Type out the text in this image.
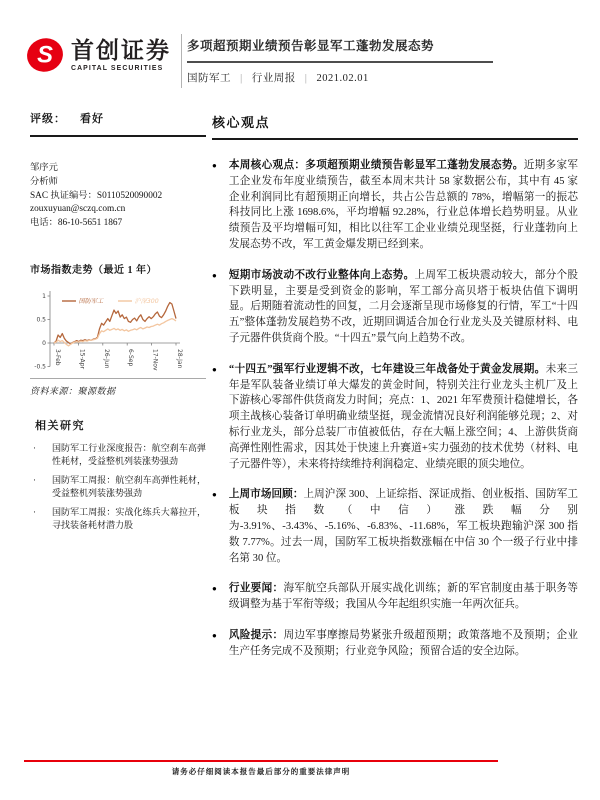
S 首创证券
CAPITAL SECURITIES
多项超预期业绩预告彰显军工蓬勃发展态势
国防军工 | 行业周报 | 2021.02.01
评级： 看好
邹序元
分析师
SAC 执证编号：S0110520090002
zouxuyuan@sczq.com.cn
电话：86-10-5651 1867
市场指数走势（最近 1 年）
1
0.5
0
-0.5
3-Feb	15-Apr	26-Jun	6-Sep	17-Nov	28-Jan
国防军工	沪深300
资料来源：聚源数据
相关研究
·	国防军工行业深度报告：航空刹车高弹性耗材，受益整机列装涨势强劲
·	国防军工周报：航空刹车高弹性耗材，受益整机列装涨势强劲
·	国防军工周报：实战化练兵大幕拉开，寻找装备耗材潜力股
核心观点
● 本周核心观点：多项超预期业绩预告彰显军工蓬勃发展态势。近期多家军工企业发布年度业绩预告，截至本周末共计 58 家数据公布，其中有 45 家企业利润同比有超预期正向增长，共占公告总额的 78%，增幅第一的振芯科技同比上涨 1698.6%，平均增幅 92.28%，行业总体增长趋势明显。从业绩预告及平均增幅可知，相比以往军工企业业绩兑现坚挺，行业蓬勃向上发展态势不改，军工黄金爆发期已经到来。
● 短期市场波动不改行业整体向上态势。上周军工板块震动较大，部分个股下跌明显，主要是受到资金的影响，军工部分高贝塔于板块估值下调明显。后期随着流动性的回复，二月会逐渐呈现市场修复的行情，军工“十四五”整体蓬勃发展趋势不改，近期回调适合加仓行业龙头及关键原材料、电子元器件供货商个股。“十四五”景气向上趋势不改。
● “十四五”强军行业逻辑不改，七年建设三年战备处于黄金发展期。未来三年是军队装备业绩订单大爆发的黄金时间，特别关注行业龙头主机厂及上下游核心零部件供货商发力时间；亮点：1、2021 年军费预计稳健增长，各项主战核心装备订单明确业绩坚挺，现金流情况良好利润能够兑现；2、对标行业龙头，部分总装厂市值被低估，存在大幅上涨空间；4、上游供货商高弹性刚性需求，因其处于快速上升赛道+实力强劲的技术优势（材料、电子元器件等），未来将持续维持利润稳定、业绩亮眼的顶尖地位。
● 上周市场回顾：上周沪深 300、上证综指、深证成指、创业板指、国防军工板块指数（中信）涨跌幅分别为-3.91%、-3.43%、-5.16%、-6.83%、-11.68%，军工板块跑输沪深 300 指数 7.77%。过去一周，国防军工板块指数涨幅在中信 30 个一级子行业中排名第 30 位。
● 行业要闻：海军航空兵部队开展实战化训练；新的军官制度由基于职务等级调整为基于军衔等级；我国从今年起组织实施一年两次征兵。
● 风险提示：周边军事摩擦局势紧张升级超预期；政策落地不及预期；企业生产任务完成不及预期；行业竞争风险；预留合适的安全边际。
请务必仔细阅读本报告最后部分的重要法律声明
